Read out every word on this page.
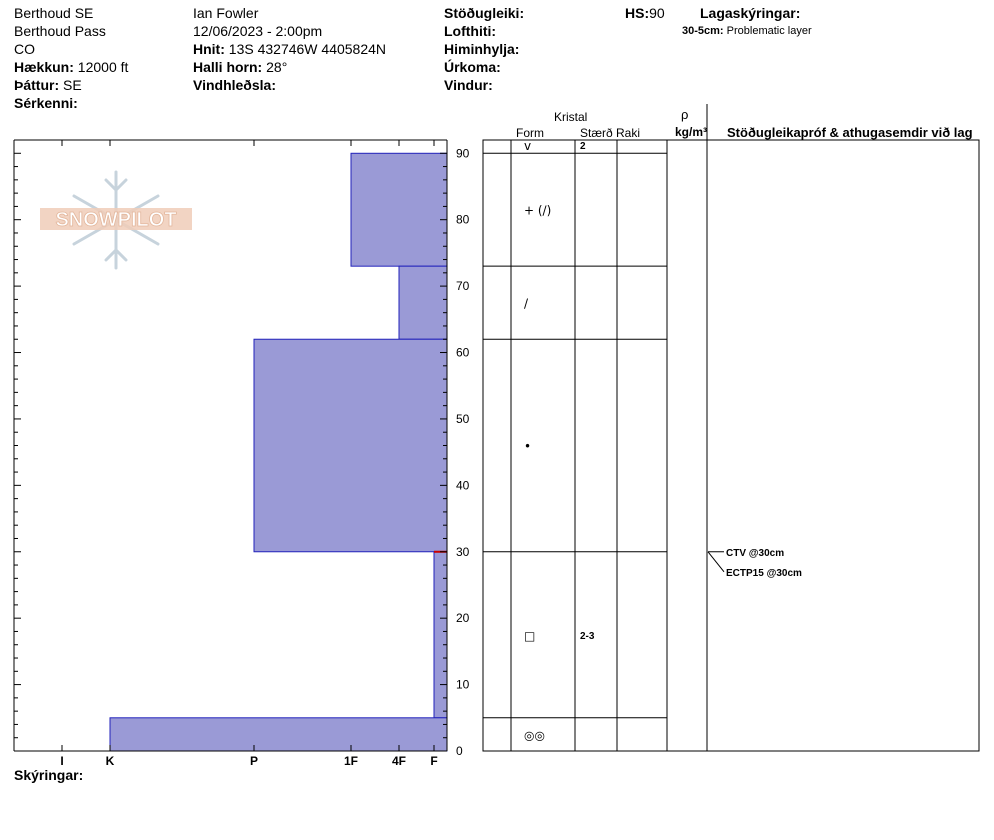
Berthoud SE
Berthoud Pass
CO
Hækkun: 12000 ft
Þáttur: SE
Sérkenni:
Ian Fowler
12/06/2023 - 2:00pm
Hnit: 13S 432746W 4405824N
Halli horn: 28°
Vindhleðsla:
Stöðugleiki:
Lofthiti:
Himinhylja:
Úrkoma:
Vindur:
HS:90	Lagaskýringar:
30-5cm: Problematic layer
SNOWPILOT
0
10
20
30
40
50
60
70
80
90
I	K	P	1F	4F F
v	2
+ (/)
/
•
□	2-3
◎◎
CTV @30cm
ECTP15 @30cm
Kristal
Form	Stærð Raki
ρ
kg/m³ Stöðugleikapróf & athugasemdir við lag
Skýringar:
